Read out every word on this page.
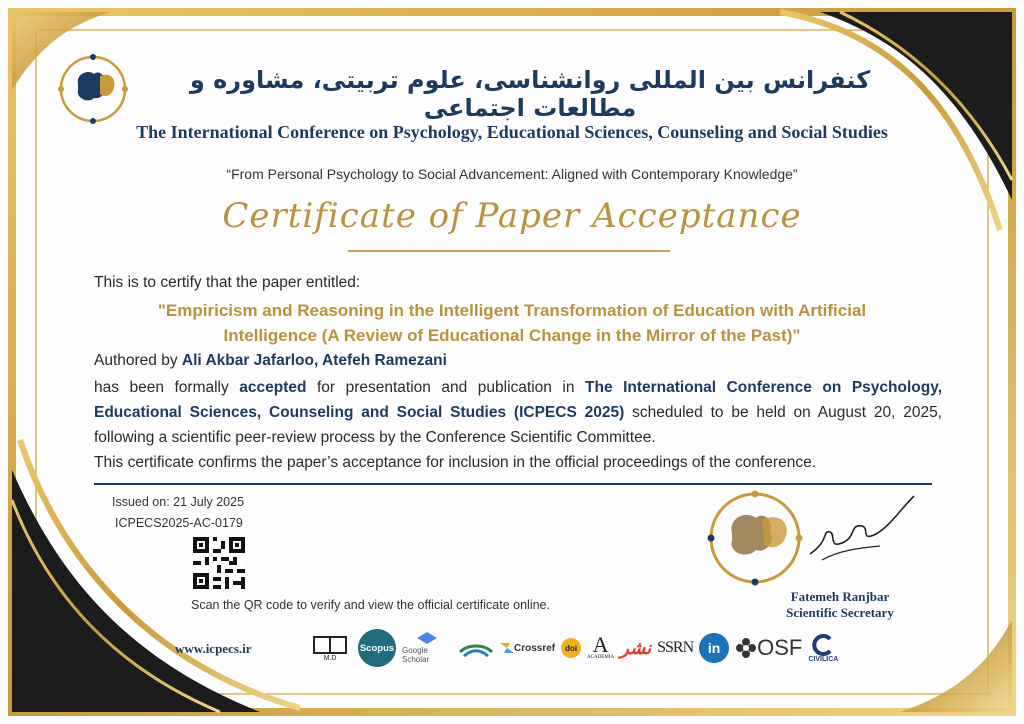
کنفرانس بین المللی روانشناسی، علوم تربیتی، مشاوره و مطالعات اجتماعی
The International Conference on Psychology, Educational Sciences, Counseling and Social Studies
“From Personal Psychology to Social Advancement: Aligned with Contemporary Knowledge”
Certificate of Paper Acceptance
This is to certify that the paper entitled:
"Empiricism and Reasoning in the Intelligent Transformation of Education with Artificial Intelligence (A Review of Educational Change in the Mirror of the Past)"
Authored by Ali Akbar Jafarloo, Atefeh Ramezani
has been formally accepted for presentation and publication in The International Conference on Psychology, Educational Sciences, Counseling and Social Studies (ICPECS 2025) scheduled to be held on August 20, 2025, following a scientific peer-review process by the Conference Scientific Committee.
This certificate confirms the paper’s acceptance for inclusion in the official proceedings of the conference.
Issued on: 21 July 2025
ICPECS2025-AC-0179
Scan the QR code to verify and view the official certificate online.
www.icpecs.ir
Fatemeh Ranjbar
Scientific Secretary
M.D
Scopus Google Scholar
Crossref	doi A
ACADEMIA نشر SSRN	in	OSF CIVILICA
